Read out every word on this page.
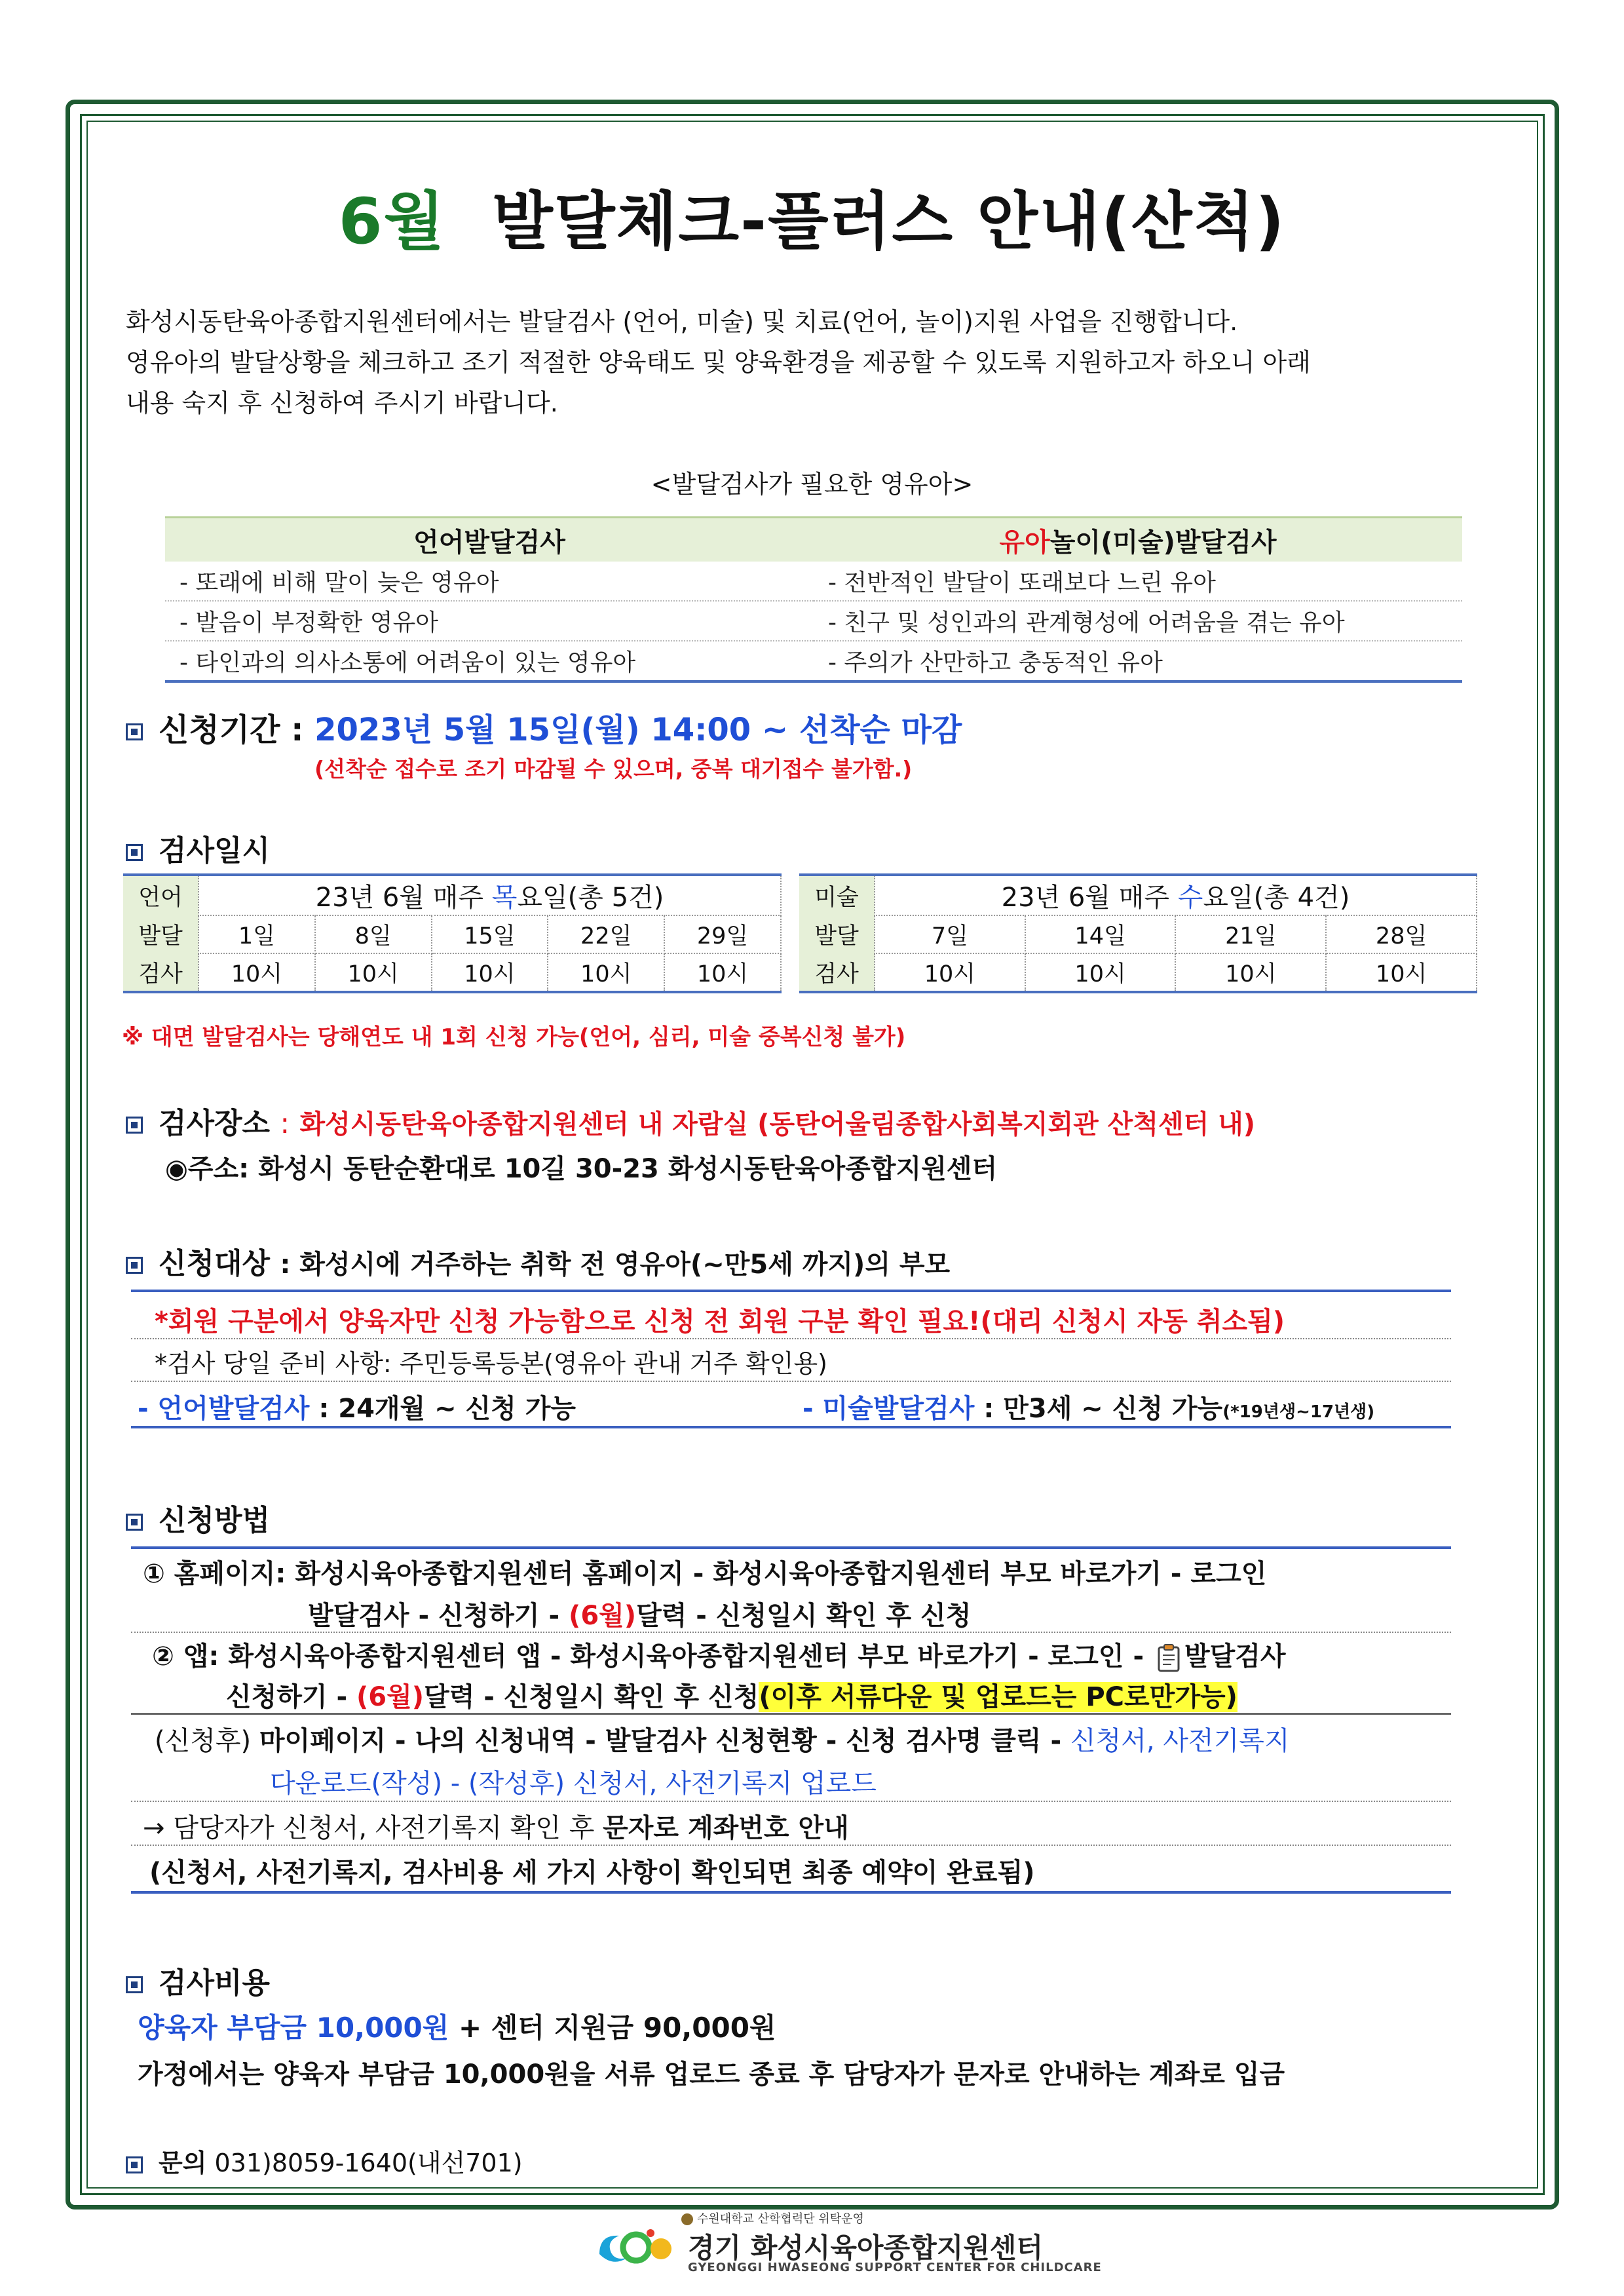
6월 발달체크-플러스 안내(산척)
화성시동탄육아종합지원센터에서는 발달검사 (언어, 미술) 및 치료(언어, 놀이)지원 사업을 진행합니다.
영유아의 발달상황을 체크하고 조기 적절한 양육태도 및 양육환경을 제공할 수 있도록 지원하고자 하오니 아래
내용 숙지 후 신청하여 주시기 바랍니다.
<발달검사가 필요한 영유아>
언어발달검사	유아놀이(미술)발달검사
- 또래에 비해 말이 늦은 영유아	- 전반적인 발달이 또래보다 느린 유아
- 발음이 부정확한 영유아	- 친구 및 성인과의 관계형성에 어려움을 겪는 유아
- 타인과의 의사소통에 어려움이 있는 영유아	- 주의가 산만하고 충동적인 유아
신청기간 : 2023년 5월 15일(월) 14:00 ~ 선착순 마감
(선착순 접수로 조기 마감될 수 있으며, 중복 대기접수 불가함.)
검사일시
언어	23년 6월 매주 목요일(총 5건)				
발달	1일	8일	15일	22일	29일
검사	10시	10시	10시	10시	10시
미술	23년 6월 매주 수요일(총 4건)			
발달	7일	14일	21일	28일
검사	10시	10시	10시	10시
※ 대면 발달검사는 당해연도 내 1회 신청 가능(언어, 심리, 미술 중복신청 불가)
검사장소 : 화성시동탄육아종합지원센터 내 자람실 (동탄어울림종합사회복지회관 산척센터 내)
◉주소: 화성시 동탄순환대로 10길 30-23 화성시동탄육아종합지원센터
신청대상 : 화성시에 거주하는 취학 전 영유아(~만5세 까지)의 부모
*회원 구분에서 양육자만 신청 가능함으로 신청 전 회원 구분 확인 필요!(대리 신청시 자동 취소됨)
*검사 당일 준비 사항: 주민등록등본(영유아 관내 거주 확인용)
- 언어발달검사 : 24개월 ~ 신청 가능	- 미술발달검사 : 만3세 ~ 신청 가능(*19년생~17년생)
신청방법
① 홈페이지: 화성시육아종합지원센터 홈페이지 - 화성시육아종합지원센터 부모 바로가기 - 로그인
발달검사 - 신청하기 - (6월)달력 - 신청일시 확인 후 신청
② 앱: 화성시육아종합지원센터 앱 - 화성시육아종합지원센터 부모 바로가기 - 로그인 - 발달검사
신청하기 - (6월)달력 - 신청일시 확인 후 신청(이후 서류다운 및 업로드는 PC로만가능)
(신청후) 마이페이지 - 나의 신청내역 - 발달검사 신청현황 - 신청 검사명 클릭 - 신청서, 사전기록지
다운로드(작성) - (작성후) 신청서, 사전기록지 업로드
→ 담당자가 신청서, 사전기록지 확인 후 문자로 계좌번호 안내
(신청서, 사전기록지, 검사비용 세 가지 사항이 확인되면 최종 예약이 완료됨)
검사비용
양육자 부담금 10,000원 + 센터 지원금 90,000원
가정에서는 양육자 부담금 10,000원을 서류 업로드 종료 후 담당자가 문자로 안내하는 계좌로 입금
문의 031)8059-1640(내선701)
수원대학교 산학협력단 위탁운영
경기 화성시육아종합지원센터
GYEONGGI HWASEONG SUPPORT CENTER FOR CHILDCARE
